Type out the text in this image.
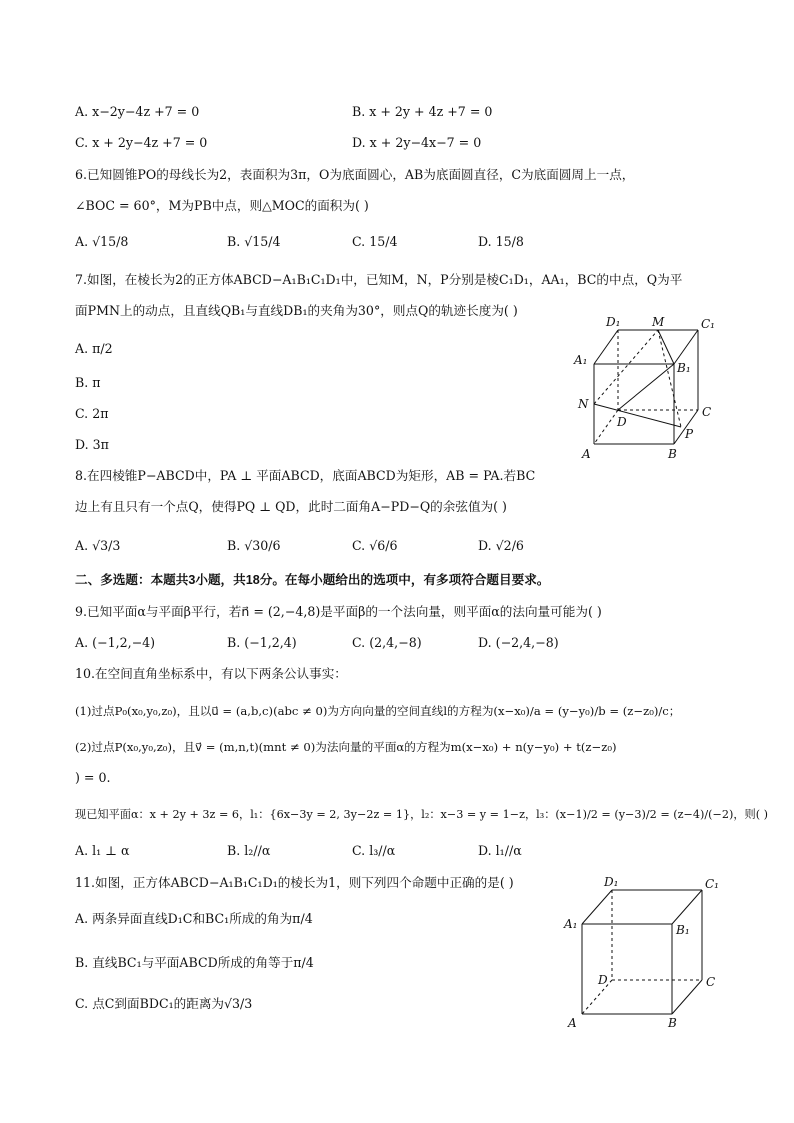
A. x−2y−4z +7 = 0	B. x + 2y + 4z +7 = 0
C. x + 2y−4z +7 = 0	D. x + 2y−4x−7 = 0
6.已知圆锥PO的母线长为2，表面积为3π，O为底面圆心，AB为底面圆直径，C为底面圆周上一点，
∠BOC = 60°，M为PB中点，则△MOC的面积为( )
A. √15/8	B. √15/4	C. 15/4	D. 15/8
7.如图，在棱长为2的正方体ABCD−A₁B₁C₁D₁中，已知M，N，P分别是棱C₁D₁，AA₁，BC的中点，Q为平
面PMN上的动点，且直线QB₁与直线DB₁的夹角为30°，则点Q的轨迹长度为( )
A. π/2
B. π
C. 2π
D. 3π
D₁	M	C₁
A₁
B₁
N
C
D
P
A	B
8.在四棱锥P−ABCD中，PA ⊥ 平面ABCD，底面ABCD为矩形，AB = PA.若BC
边上有且只有一个点Q，使得PQ ⊥ QD，此时二面角A−PD−Q的余弦值为( )
A. √3/3	B. √30/6	C. √6/6	D. √2/6
二、多选题：本题共3小题，共18分。在每小题给出的选项中，有多项符合题目要求。
9.已知平面α与平面β平行，若n⃗ = (2,−4,8)是平面β的一个法向量，则平面α的法向量可能为( )
A. (−1,2,−4)	B. (−1,2,4)	C. (2,4,−8)	D. (−2,4,−8)
10.在空间直角坐标系中，有以下两条公认事实：
(1)过点P₀(x₀,y₀,z₀)，且以u⃗ = (a,b,c)(abc ≠ 0)为方向向量的空间直线l的方程为(x−x₀)/a = (y−y₀)/b = (z−z₀)/c；
(2)过点P(x₀,y₀,z₀)，且v⃗ = (m,n,t)(mnt ≠ 0)为法向量的平面α的方程为m(x−x₀) + n(y−y₀) + t(z−z₀)
) = 0.
现已知平面α：x + 2y + 3z = 6，l₁：{6x−3y = 2, 3y−2z = 1}，l₂：x−3 = y = 1−z，l₃：(x−1)/2 = (y−3)/2 = (z−4)/(−2)，则( )
A. l₁ ⊥ α	B. l₂//α	C. l₃//α	D. l₁//α
11.如图，正方体ABCD−A₁B₁C₁D₁的棱长为1，则下列四个命题中正确的是( )
A. 两条异面直线D₁C和BC₁所成的角为π/4
B. 直线BC₁与平面ABCD所成的角等于π/4
C. 点C到面BDC₁的距离为√3/3
D₁	C₁
A₁	B₁
D	C
A	B
